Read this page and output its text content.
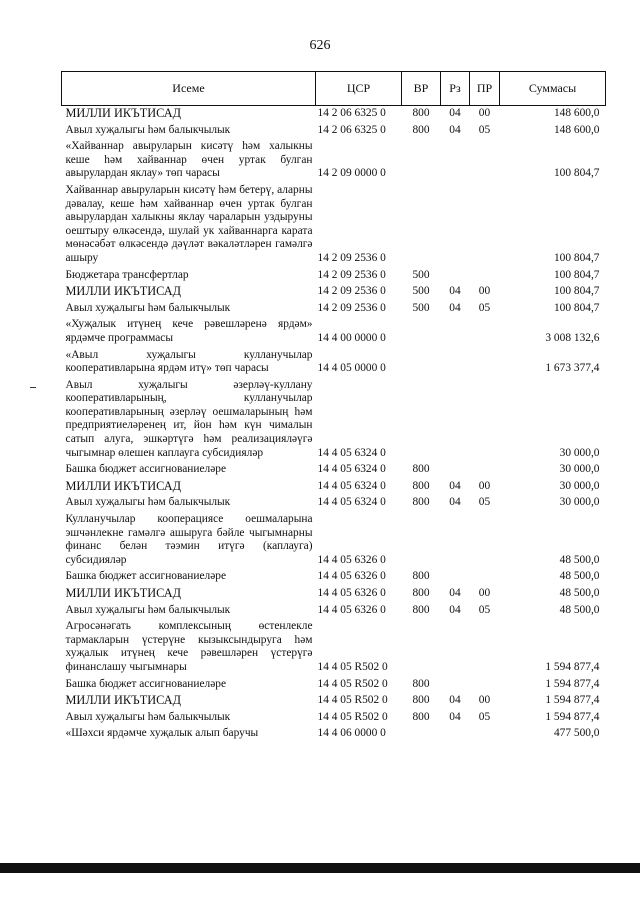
626
Исеме	ЦСР	ВР	Рз	ПР	Суммасы
МИЛЛИ ИКЪТИСАД	14 2 06 6325 0	800	04	00	148 600,0
Авыл хуҗалыгы һәм балыкчылык	14 2 06 6325 0	800	04	05	148 600,0
«Хайваннар авыруларын кисәтү һәм халыкны кеше һәм хайваннар өчен уртак булган авырулардан яклау» төп чарасы	14 2 09 0000 0				100 804,7
Хайваннар авыруларын кисәтү һәм бетерү, аларны дәвалау, кеше һәм хайваннар өчен уртак булган авырулардан халыкны яклау чараларын уздыруны оештыру өлкәсендә, шулай ук хайваннарга карата мөнәсәбәт өлкәсендә дәүләт вәкаләтләрен гамәлгә ашыру	14 2 09 2536 0				100 804,7
Бюджетара трансфертлар	14 2 09 2536 0	500			100 804,7
МИЛЛИ ИКЪТИСАД	14 2 09 2536 0	500	04	00	100 804,7
Авыл хуҗалыгы һәм балыкчылык	14 2 09 2536 0	500	04	05	100 804,7
«Хуҗалык итүнең кече рәвешләренә ярдәм» ярдәмче программасы	14 4 00 0000 0				3 008 132,6
«Авыл хуҗалыгы кулланучылар кооперативларына ярдәм итү» төп чарасы	14 4 05 0000 0				1 673 377,4
Авыл хуҗалыгы әзерләү-куллану кооперативларының, кулланучылар кооперативларының әзерләү оешмаларының һәм предприятиеләренең ит, йон һәм күн чималын сатып алуга, эшкәртүгә һәм реализацияләүгә чыгымнар өлешен каплауга субсидияләр	14 4 05 6324 0				30 000,0
Башка бюджет ассигнованиеләре	14 4 05 6324 0	800			30 000,0
МИЛЛИ ИКЪТИСАД	14 4 05 6324 0	800	04	00	30 000,0
Авыл хуҗалыгы һәм балыкчылык	14 4 05 6324 0	800	04	05	30 000,0
Кулланучылар кооперациясе оешмаларына эшчәнлекне гамәлгә ашыруга бәйле чыгымнарны финанс белән тәэмин итүгә (каплауга) субсидияләр	14 4 05 6326 0				48 500,0
Башка бюджет ассигнованиеләре	14 4 05 6326 0	800			48 500,0
МИЛЛИ ИКЪТИСАД	14 4 05 6326 0	800	04	00	48 500,0
Авыл хуҗалыгы һәм балыкчылык	14 4 05 6326 0	800	04	05	48 500,0
Агросәнәгать комплексының өстенлекле тармакларын үстерүне кызыксындыруга һәм хуҗалык итүнең кече рәвешләрен үстерүгә финанслашу чыгымнары	14 4 05 R502 0				1 594 877,4
Башка бюджет ассигнованиеләре	14 4 05 R502 0	800			1 594 877,4
МИЛЛИ ИКЪТИСАД	14 4 05 R502 0	800	04	00	1 594 877,4
Авыл хуҗалыгы һәм балыкчылык	14 4 05 R502 0	800	04	05	1 594 877,4
«Шәхси ярдәмче хуҗалык алып баручы	14 4 06 0000 0				477 500,0
